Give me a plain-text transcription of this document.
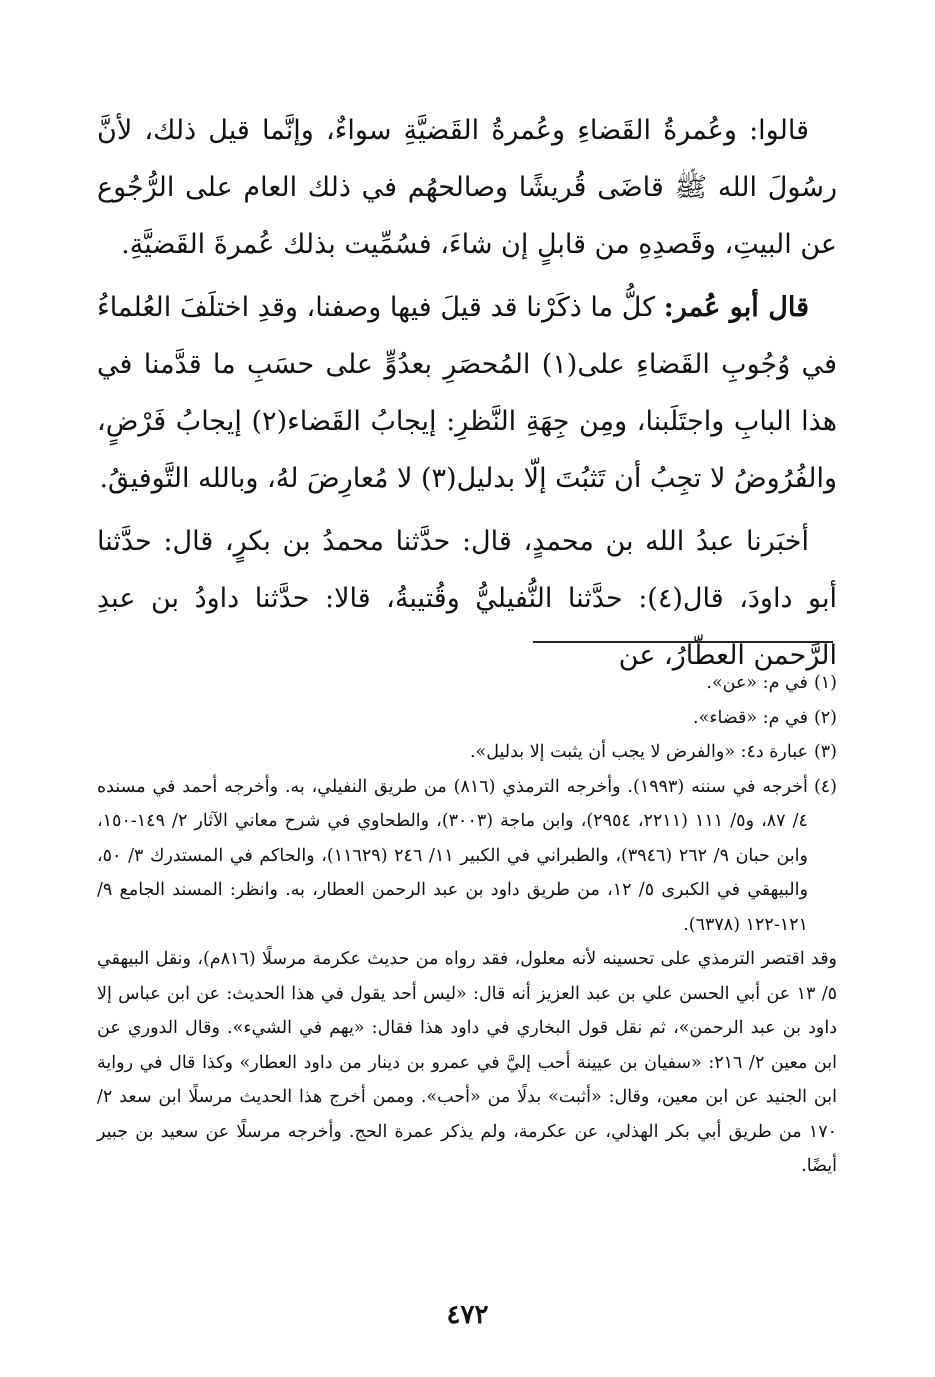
قالوا: وعُمرةُ القَضاءِ وعُمرةُ القَضيَّةِ سواءٌ، وإنَّما قيل ذلك، لأنَّ رسُولَ الله ﷺ قاضَى قُريشًا وصالحهُم في ذلك العام على الرُّجُوع عن البيتِ، وقَصدِهِ من قابلٍ إن شاءَ، فسُمِّيت بذلك عُمرةَ القَضيَّةِ.

قال أبو عُمر: كلُّ ما ذكَرْنا قد قيلَ فيها وصفنا، وقدِ اختلَفَ العُلماءُ في وُجُوبِ القَضاءِ على(١) المُحصَرِ بعدُوٍّ على حسَبِ ما قدَّمنا في هذا البابِ واجتَلَبنا، ومِن جِهَةِ النَّظرِ: إيجابُ القَضاء(٢) إيجابُ فَرْضٍ، والفُرُوضُ لا تجِبُ أن تَثبُتَ إلّا بدليل(٣) لا مُعارِضَ لهُ، وبالله التَّوفيقُ.

أخبَرنا عبدُ الله بن محمدٍ، قال: حدَّثنا محمدُ بن بكرٍ، قال: حدَّثنا أبو داودَ، قال(٤): حدَّثنا النُّفيليُّ وقُتيبةُ، قالا: حدَّثنا داودُ بن عبدِ الرَّحمن العطّارُ، عن

(١)
في م: «عن».
(٢)
في م: «قضاء».
(٣)
عبارة د٤: «والفرض لا يجب أن يثبت إلا بدليل».
(٤)
أخرجه في سننه (١٩٩٣). وأخرجه الترمذي (٨١٦) من طريق النفيلي، به. وأخرجه أحمد في مسنده ٤/ ٨٧، و٥/ ١١١ (٢٢١١، ٢٩٥٤)، وابن ماجة (٣٠٠٣)، والطحاوي في شرح معاني الآثار ٢/ ١٤٩-١٥٠، وابن حبان ٩/ ٢٦٢ (٣٩٤٦)، والطبراني في الكبير ١١/ ٢٤٦ (١١٦٢٩)، والحاكم في المستدرك ٣/ ٥٠، والبيهقي في الكبرى ٥/ ١٢، من طريق داود بن عبد الرحمن العطار، به. وانظر: المسند الجامع ٩/ ١٢١-١٢٢ (٦٣٧٨).

وقد اقتصر الترمذي على تحسينه لأنه معلول، فقد رواه من حديث عكرمة مرسلًا (٨١٦م)، ونقل البيهقي ٥/ ١٣ عن أبي الحسن علي بن عبد العزيز أنه قال: «ليس أحد يقول في هذا الحديث: عن ابن عباس إلا داود بن عبد الرحمن»، ثم نقل قول البخاري في داود هذا فقال: «يهم في الشيء». وقال الدوري عن ابن معين ٢/ ٢١٦: «سفيان بن عيينة أحب إليَّ في عمرو بن دينار من داود العطار» وكذا قال في رواية ابن الجنيد عن ابن معين، وقال: «أثبت» بدلًا من «أحب». وممن أخرج هذا الحديث مرسلًا ابن سعد ٢/ ١٧٠ من طريق أبي بكر الهذلي، عن عكرمة، ولم يذكر عمرة الحج. وأخرجه مرسلًا عن سعيد بن جبير أيضًا.

٤٧٢
